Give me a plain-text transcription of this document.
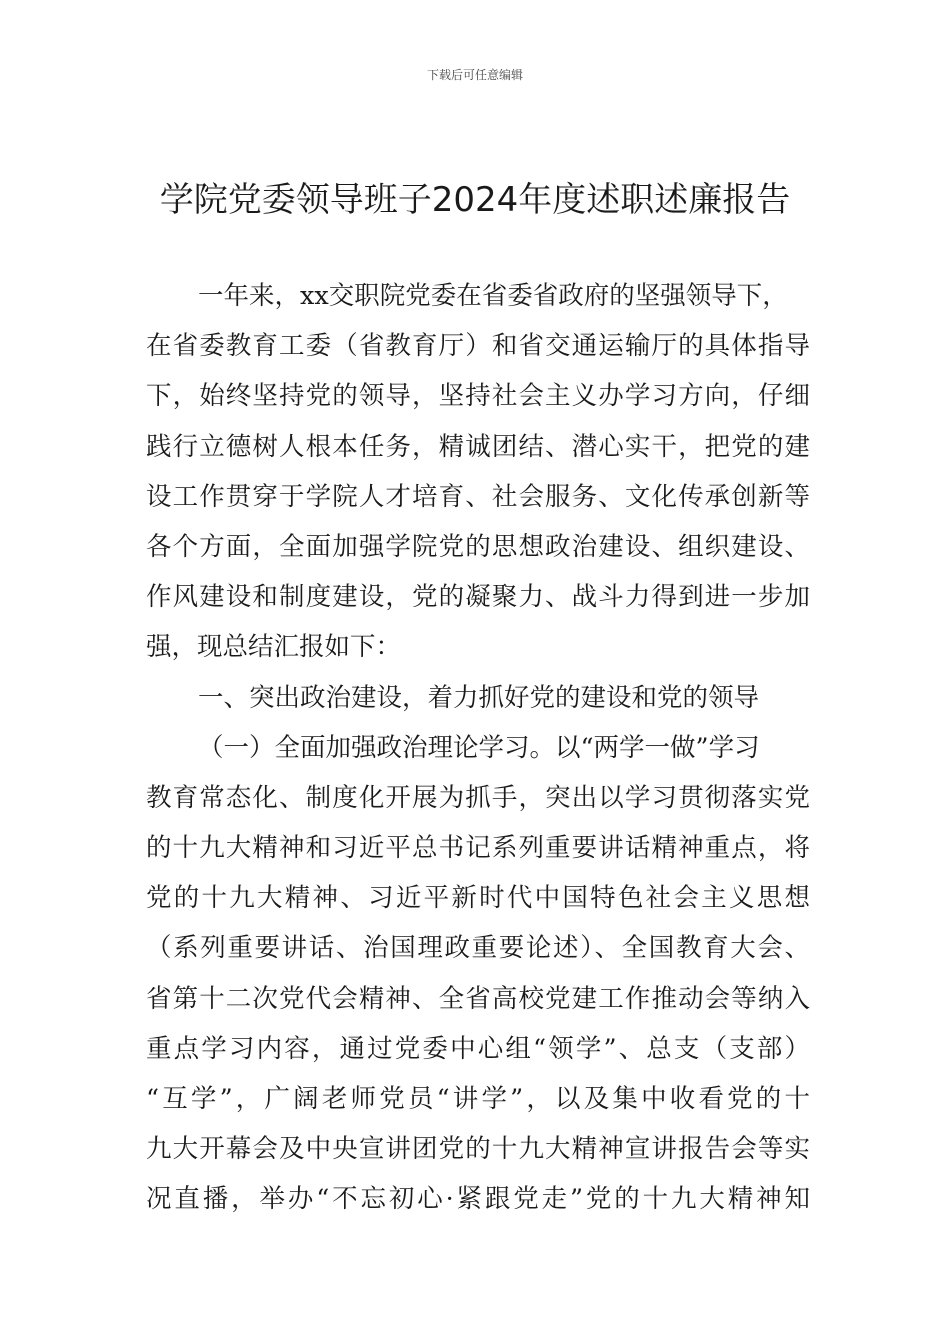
下载后可任意编辑
学院党委领导班子2024年度述职述廉报告
一年来，xx交职院党委在省委省政府的坚强领导下，
在省委教育工委（省教育厅）和省交通运输厅的具体指导
下，始终坚持党的领导，坚持社会主义办学习方向，仔细
践行立德树人根本任务，精诚团结、潜心实干，把党的建
设工作贯穿于学院人才培育、社会服务、文化传承创新等
各个方面，全面加强学院党的思想政治建设、组织建设、
作风建设和制度建设，党的凝聚力、战斗力得到进一步加
强，现总结汇报如下：
一、突出政治建设，着力抓好党的建设和党的领导
（一）全面加强政治理论学习。以“两学一做”学习
教育常态化、制度化开展为抓手，突出以学习贯彻落实党
的十九大精神和习近平总书记系列重要讲话精神重点，将
党的十九大精神、习近平新时代中国特色社会主义思想
（系列重要讲话、治国理政重要论述）、全国教育大会、
省第十二次党代会精神、全省高校党建工作推动会等纳入
重点学习内容，通过党委中心组“领学”、总支（支部）
“互学”，广阔老师党员“讲学”，以及集中收看党的十
九大开幕会及中央宣讲团党的十九大精神宣讲报告会等实
况直播，举办“不忘初心·紧跟党走”党的十九大精神知
